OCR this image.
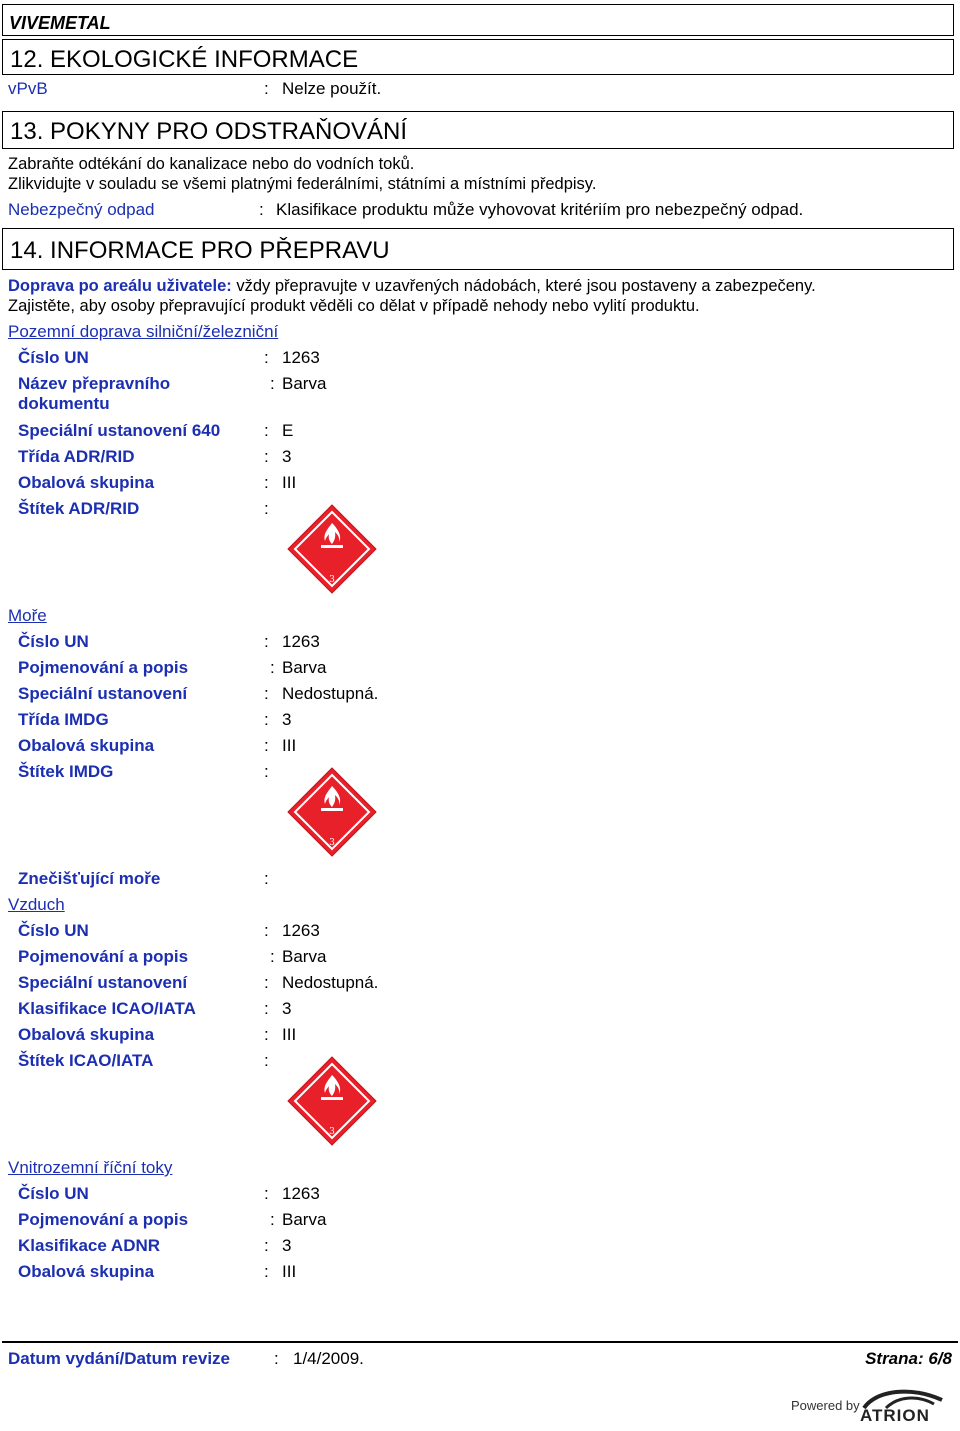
VIVEMETAL
12. EKOLOGICKÉ INFORMACE
vPvB	: Nelze použít.
13. POKYNY PRO ODSTRAŇOVÁNÍ
Zabraňte odtékání do kanalizace nebo do vodních toků.
Zlikvidujte v souladu se všemi platnými federálními, státními a místními předpisy.
Nebezpečný odpad	: Klasifikace produktu může vyhovovat kritériím pro nebezpečný odpad.
14. INFORMACE PRO PŘEPRAVU
Doprava po areálu uživatele: vždy přepravujte v uzavřených nádobách, které jsou postaveny a zabezpečeny.
Zajistěte, aby osoby přepravující produkt věděli co dělat v případě nehody nebo vylití produktu.
Pozemní doprava silniční/železniční
Číslo UN	: 1263
Název přepravního
dokumentu
: Barva
Speciální ustanovení 640	: E
Třída ADR/RID	: 3
Obalová skupina	: III
Štítek ADR/RID	:
3
Moře
Číslo UN	: 1263
Pojmenování a popis	: Barva
Speciální ustanovení	: Nedostupná.
Třída IMDG	: 3
Obalová skupina	: III
Štítek IMDG	:
3
Znečišťující moře	:
Vzduch
Číslo UN	: 1263
Pojmenování a popis	: Barva
Speciální ustanovení	: Nedostupná.
Klasifikace ICAO/IATA	: 3
Obalová skupina	: III
Štítek ICAO/IATA	:
3
Vnitrozemní říční toky
Číslo UN	: 1263
Pojmenování a popis	: Barva
Klasifikace ADNR	: 3
Obalová skupina	: III
Datum vydání/Datum revize	: 1/4/2009.	Strana: 6/8
Powered by
ATRION
